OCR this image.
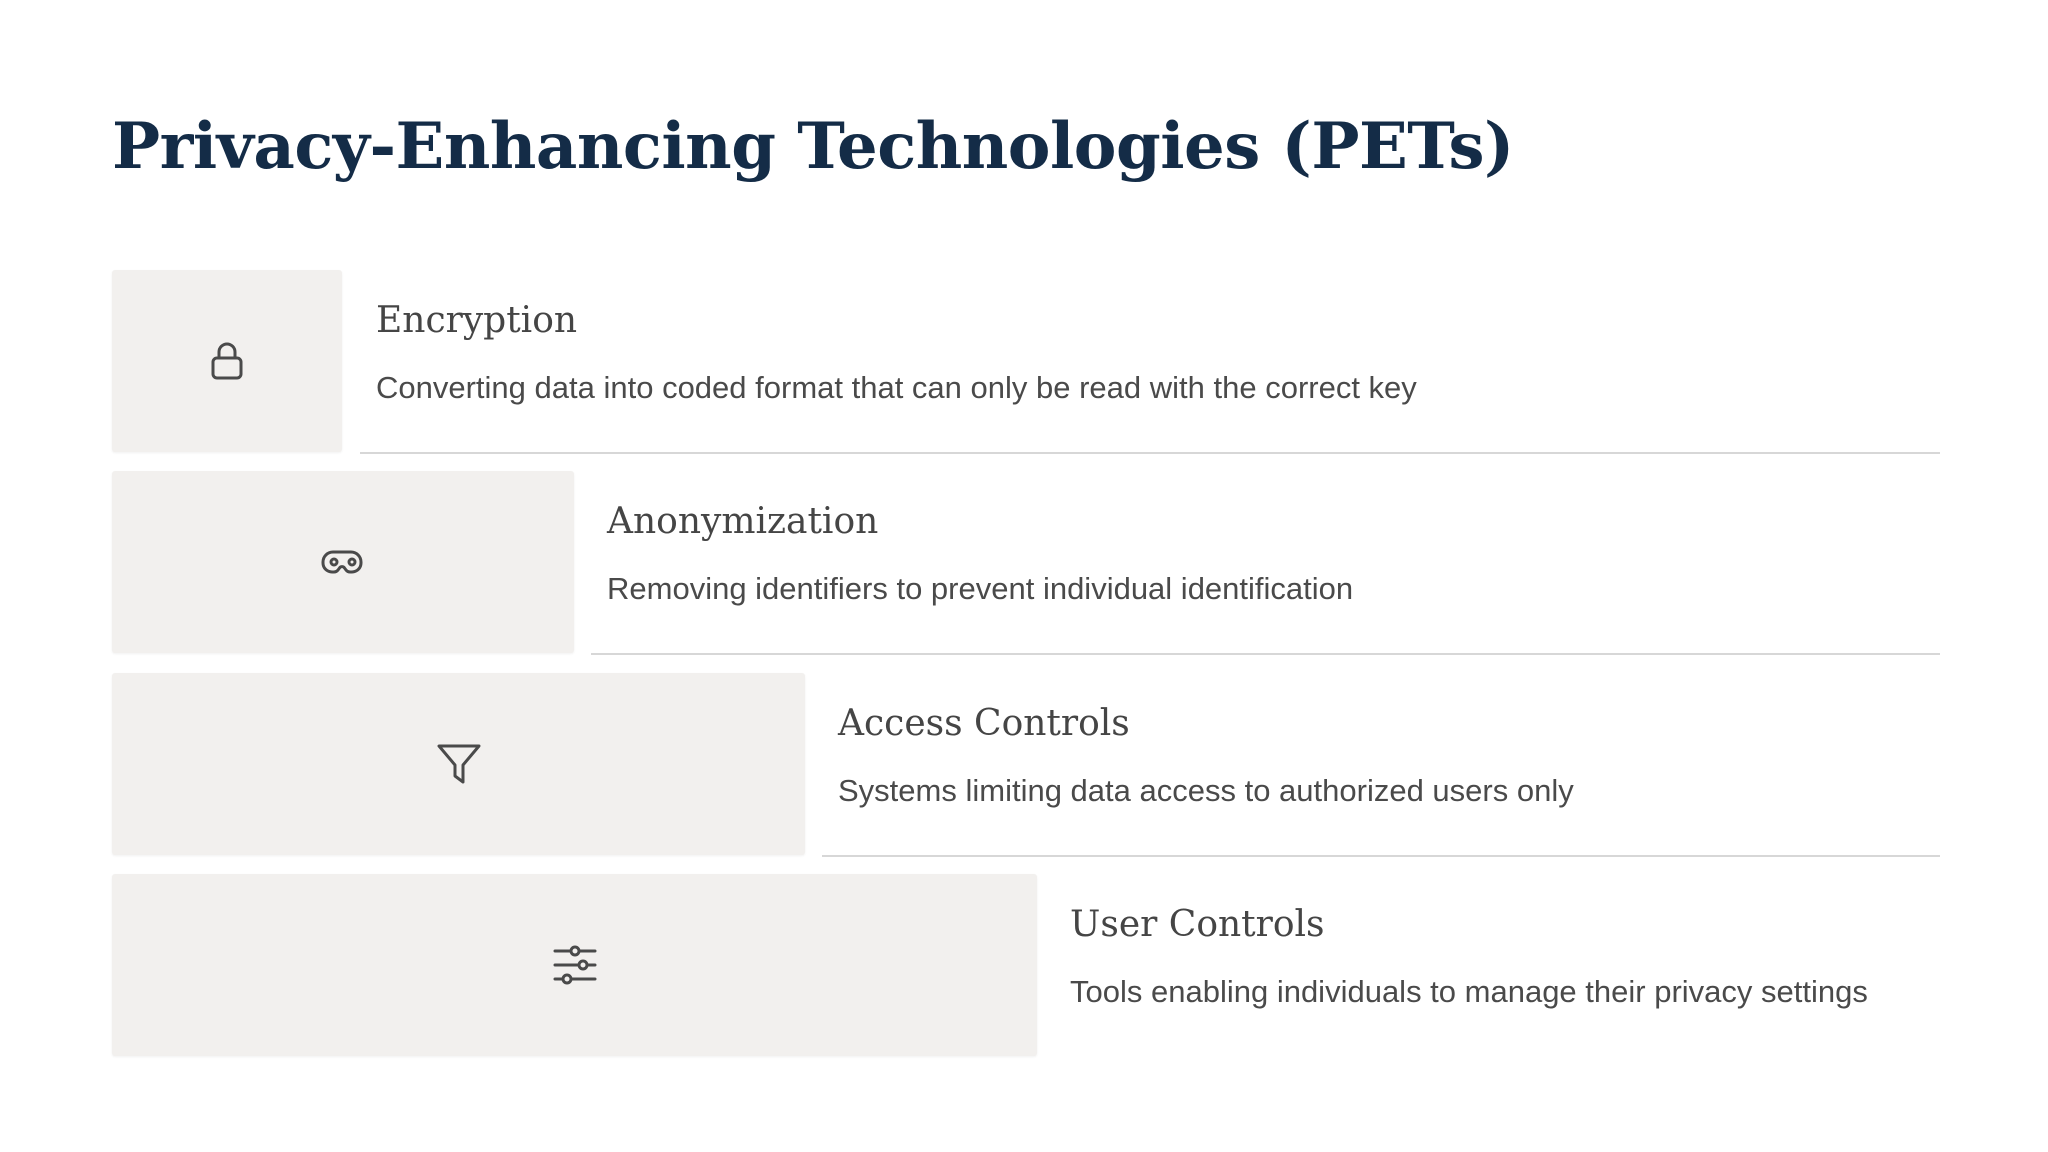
Privacy-Enhancing Technologies (PETs)
Encryption
Converting data into coded format that can only be read with the correct key
Anonymization
Removing identifiers to prevent individual identification
Access Controls
Systems limiting data access to authorized users only
User Controls
Tools enabling individuals to manage their privacy settings
